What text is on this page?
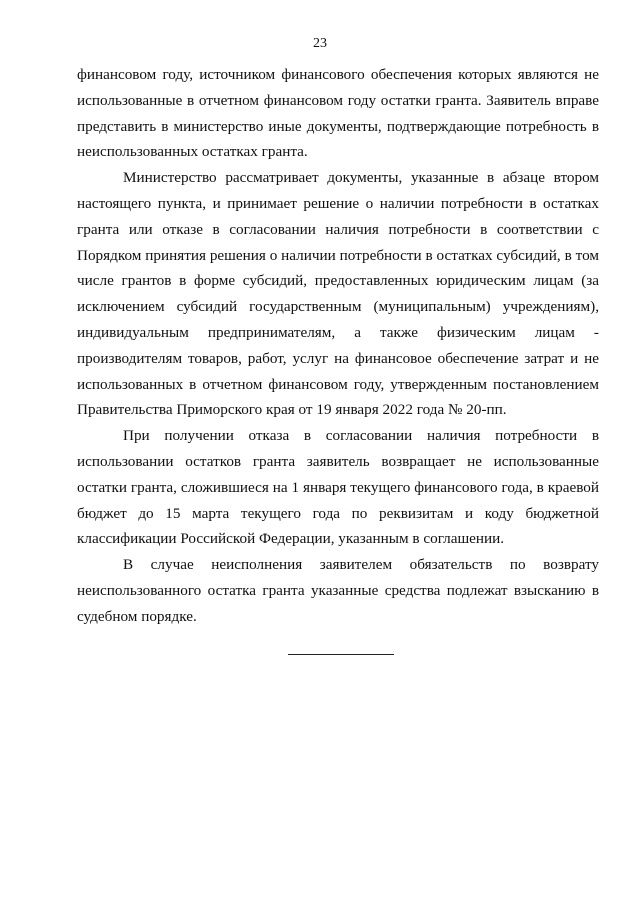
23

финансовом году, источником финансового обеспечения которых являются не использованные в отчетном финансовом году остатки гранта. Заявитель вправе представить в министерство иные документы, подтверждающие потребность в неиспользованных остатках гранта.

Министерство рассматривает документы, указанные в абзаце втором настоящего пункта, и принимает решение о наличии потребности в остатках гранта или отказе в согласовании наличия потребности в соответствии с Порядком принятия решения о наличии потребности в остатках субсидий, в том числе грантов в форме субсидий, предоставленных юридическим лицам (за исключением субсидий государственным (муниципальным) учреждениям), индивидуальным предпринимателям, а также физическим лицам - производителям товаров, работ, услуг на финансовое обеспечение затрат и не использованных в отчетном финансовом году, утвержденным постановлением Правительства Приморского края от 19 января 2022 года № 20-пп.

При получении отказа в согласовании наличия потребности в использовании остатков гранта заявитель возвращает не использованные остатки гранта, сложившиеся на 1 января текущего финансового года, в краевой бюджет до 15 марта текущего года по реквизитам и коду бюджетной классификации Российской Федерации, указанным в соглашении.

В случае неисполнения заявителем обязательств по возврату неиспользованного остатка гранта указанные средства подлежат взысканию в судебном порядке.
